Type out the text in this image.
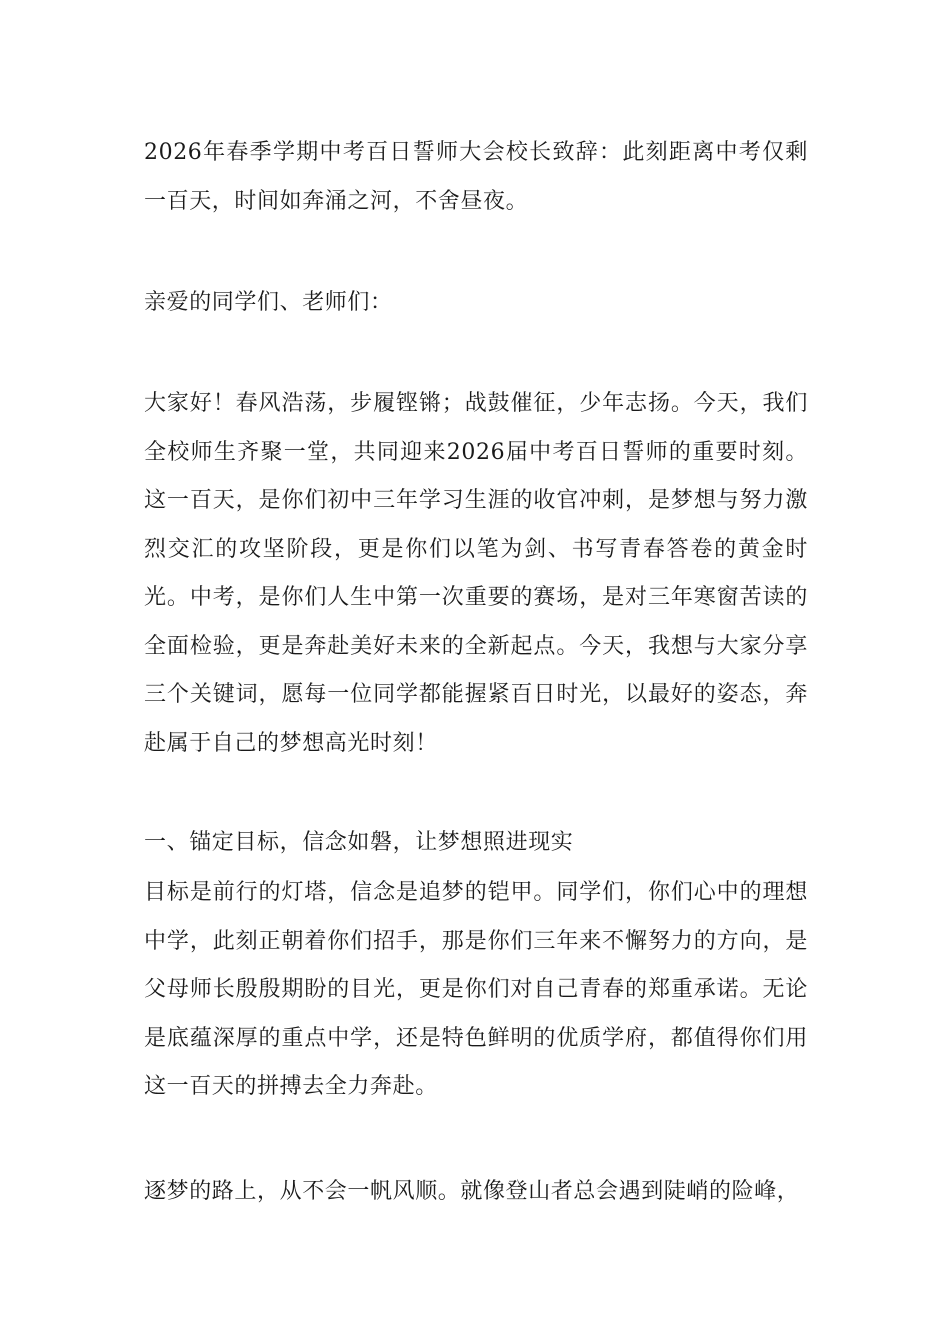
2026年春季学期中考百日誓师大会校长致辞：此刻距离中考仅剩一百天，时间如奔涌之河，不舍昼夜。

亲爱的同学们、老师们：

大家好！春风浩荡，步履铿锵；战鼓催征，少年志扬。今天，我们全校师生齐聚一堂，共同迎来2026届中考百日誓师的重要时刻。这一百天，是你们初中三年学习生涯的收官冲刺，是梦想与努力激烈交汇的攻坚阶段，更是你们以笔为剑、书写青春答卷的黄金时光。中考，是你们人生中第一次重要的赛场，是对三年寒窗苦读的全面检验，更是奔赴美好未来的全新起点。今天，我想与大家分享三个关键词，愿每一位同学都能握紧百日时光，以最好的姿态，奔赴属于自己的梦想高光时刻！

一、锚定目标，信念如磐，让梦想照进现实

目标是前行的灯塔，信念是追梦的铠甲。同学们，你们心中的理想中学，此刻正朝着你们招手，那是你们三年来不懈努力的方向，是父母师长殷殷期盼的目光，更是你们对自己青春的郑重承诺。无论是底蕴深厚的重点中学，还是特色鲜明的优质学府，都值得你们用这一百天的拼搏去全力奔赴。

逐梦的路上，从不会一帆风顺。就像登山者总会遇到陡峭的险峰，
